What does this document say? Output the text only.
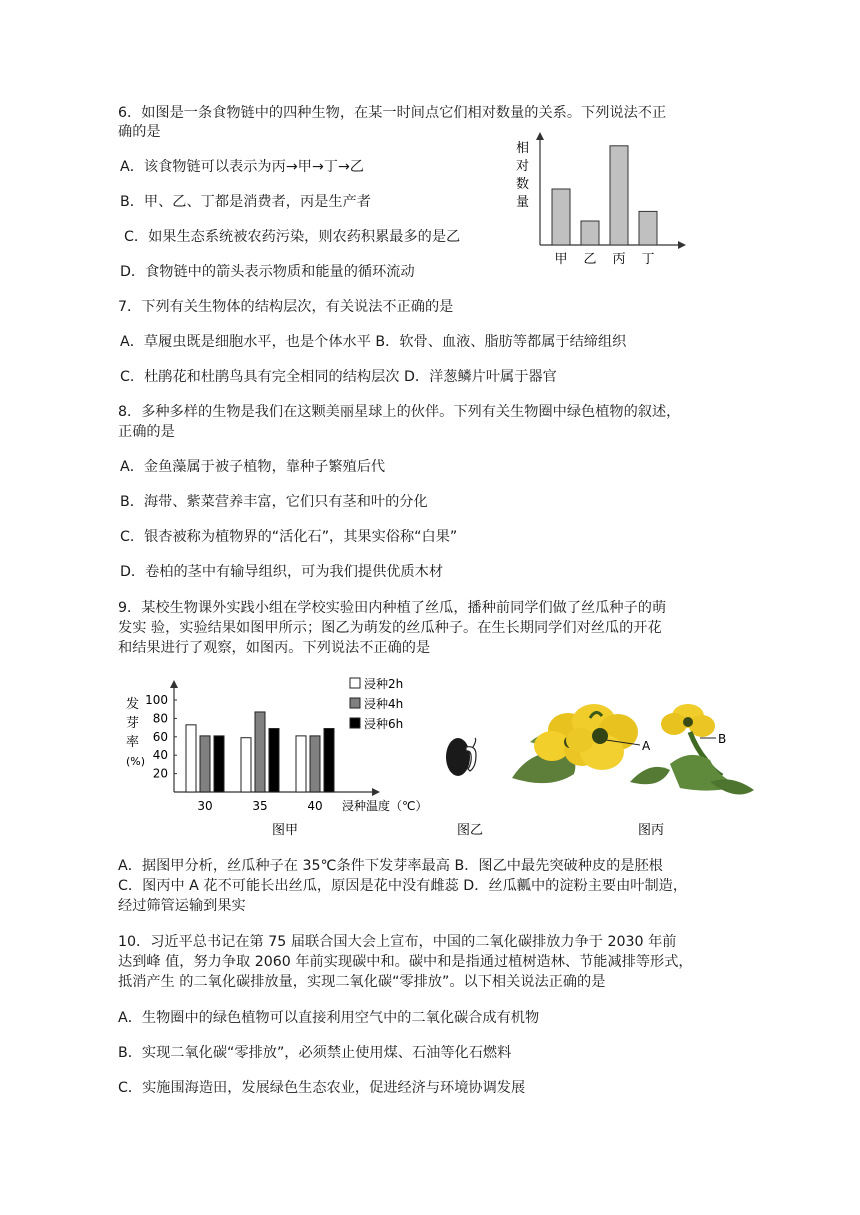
6．如图是一条食物链中的四种生物，在某一时间点它们相对数量的关系。下列说法不正
确的是
A．该食物链可以表示为丙→甲→丁→乙
B．甲、乙、丁都是消费者，丙是生产者
C．如果生态系统被农药污染，则农药积累最多的是乙
D．食物链中的箭头表示物质和能量的循环流动
相
对
数
量
甲 乙 丙 丁
7．下列有关生物体的结构层次，有关说法不正确的是
A．草履虫既是细胞水平，也是个体水平 B．软骨、血液、脂肪等都属于结缔组织
C．杜鹃花和杜鹃鸟具有完全相同的结构层次 D．洋葱鳞片叶属于器官
8．多种多样的生物是我们在这颗美丽星球上的伙伴。下列有关生物圈中绿色植物的叙述，
正确的是
A．金鱼藻属于被子植物，靠种子繁殖后代
B．海带、紫菜营养丰富，它们只有茎和叶的分化
C．银杏被称为植物界的“活化石”，其果实俗称“白果”
D．卷柏的茎中有输导组织，可为我们提供优质木材
9．某校生物课外实践小组在学校实验田内种植了丝瓜，播种前同学们做了丝瓜种子的萌
发实 验，实验结果如图甲所示；图乙为萌发的丝瓜种子。在生长期同学们对丝瓜的开花
和结果进行了观察，如图丙。下列说法不正确的是
发
芽
率
(%)
浸种温度（℃）
20
40
60
80
100
30	35	40
浸种2h
浸种4h
浸种6h
图甲	图乙
A	B
图丙
A．据图甲分析，丝瓜种子在 35℃条件下发芽率最高 B．图乙中最先突破种皮的是胚根
C．图丙中 A 花不可能长出丝瓜，原因是花中没有雌蕊 D．丝瓜瓤中的淀粉主要由叶制造，
经过筛管运输到果实
10．习近平总书记在第 75 届联合国大会上宣布，中国的二氧化碳排放力争于 2030 年前
达到峰 值，努力争取 2060 年前实现碳中和。碳中和是指通过植树造林、节能减排等形式，
抵消产生 的二氧化碳排放量，实现二氧化碳“零排放”。以下相关说法正确的是
A．生物圈中的绿色植物可以直接利用空气中的二氧化碳合成有机物
B．实现二氧化碳“零排放”，必须禁止使用煤、石油等化石燃料
C．实施围海造田，发展绿色生态农业，促进经济与环境协调发展
